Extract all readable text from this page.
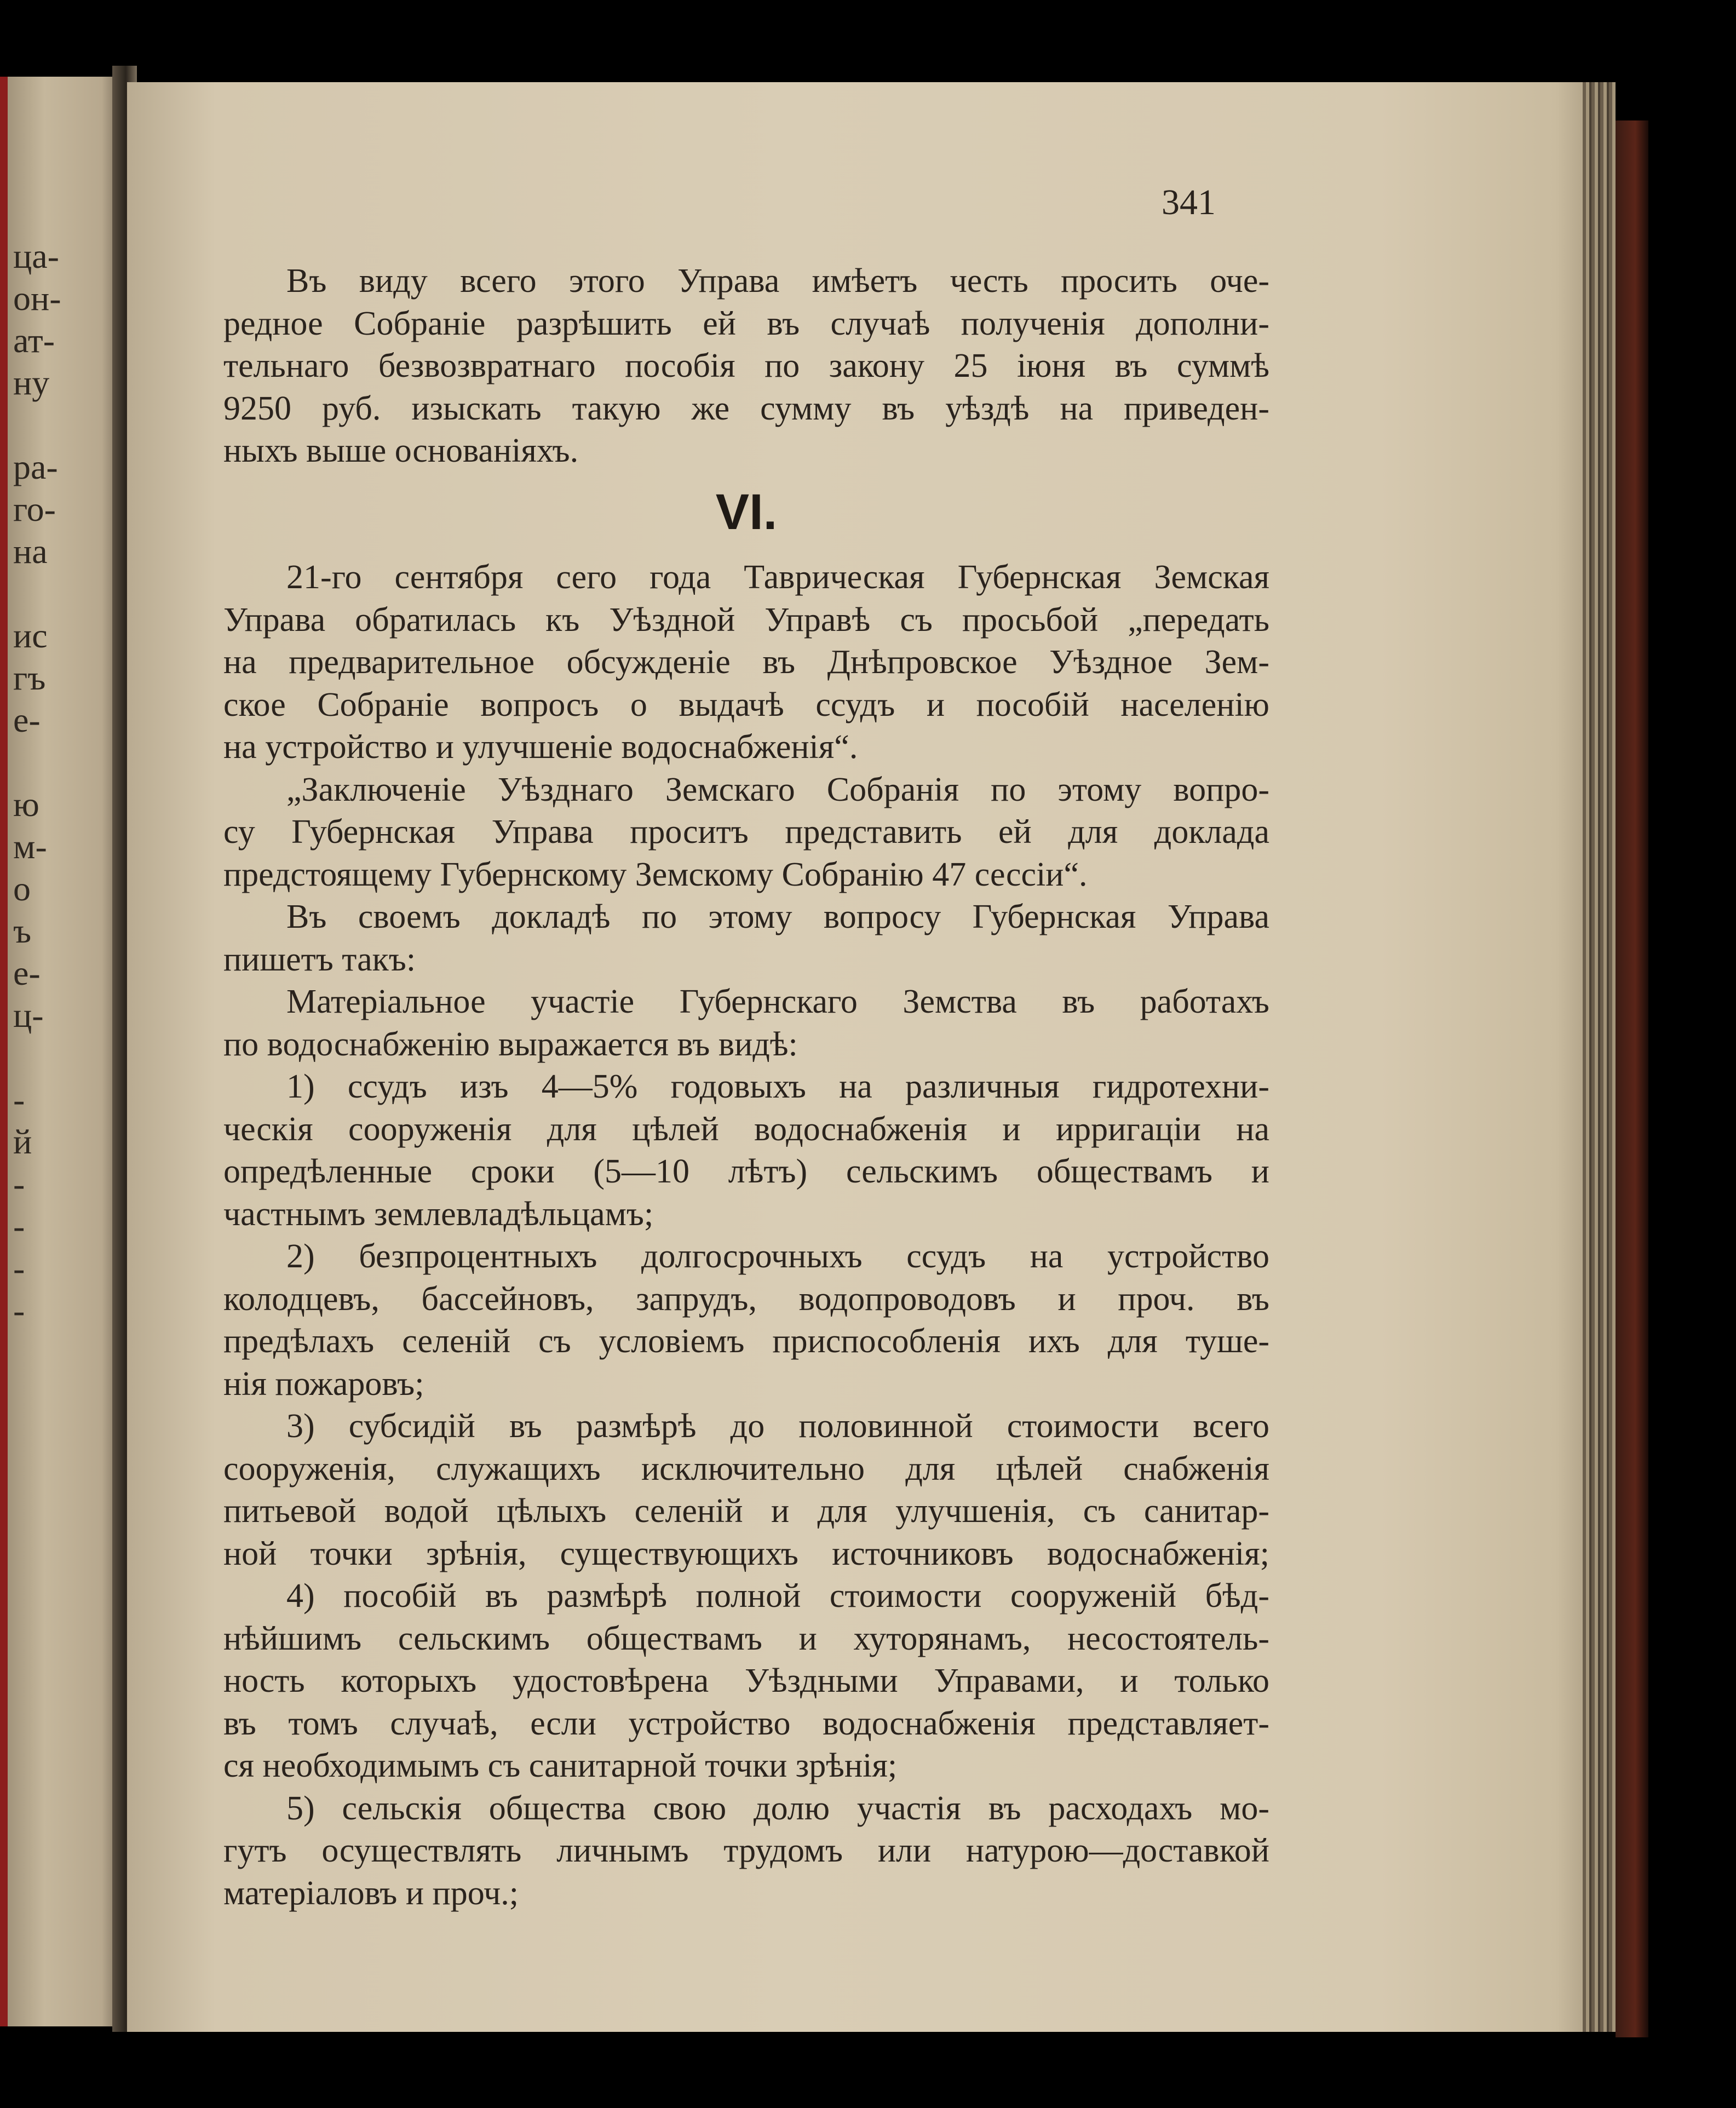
ца-
он-
ат-
ну
ра-
го-
на
ис
гъ
е-
ю
м-
о
ъ
е-
ц-
-
й
-
-
-
-
341
Въ виду всего этого Управа имѣетъ честь просить оче-
редное Собраніе разрѣшить ей въ случаѣ полученія дополни-
тельнаго безвозвратнаго пособія по закону 25 іюня въ суммѣ
9250 руб. изыскать такую же сумму въ уѣздѣ на приведен-
ныхъ выше основаніяхъ.
VI.
21-го сентября сего года Таврическая Губернская Земская
Управа обратилась къ Уѣздной Управѣ съ просьбой „передать
на предварительное обсужденіе въ Днѣпровское Уѣздное Зем-
ское Собраніе вопросъ о выдачѣ ссудъ и пособій населенію
на устройство и улучшеніе водоснабженія“.
„Заключеніе Уѣзднаго Земскаго Собранія по этому вопро-
су Губернская Управа проситъ представить ей для доклада
предстоящему Губернскому Земскому Собранію 47 сессіи“.
Въ своемъ докладѣ по этому вопросу Губернская Управа
пишетъ такъ:
Матеріальное участіе Губернскаго Земства въ работахъ
по водоснабженію выражается въ видѣ:
1) ссудъ изъ 4—5% годовыхъ на различныя гидротехни-
ческія сооруженія для цѣлей водоснабженія и ирригаціи на
опредѣленные сроки (5—10 лѣтъ) сельскимъ обществамъ и
частнымъ землевладѣльцамъ;
2) безпроцентныхъ долгосрочныхъ ссудъ на устройство
колодцевъ, бассейновъ, запрудъ, водопроводовъ и проч. въ
предѣлахъ селеній съ условіемъ приспособленія ихъ для туше-
нія пожаровъ;
3) субсидій въ размѣрѣ до половинной стоимости всего
сооруженія, служащихъ исключительно для цѣлей снабженія
питьевой водой цѣлыхъ селеній и для улучшенія, съ санитар-
ной точки зрѣнія, существующихъ источниковъ водоснабженія;
4) пособій въ размѣрѣ полной стоимости сооруженій бѣд-
нѣйшимъ сельскимъ обществамъ и хуторянамъ, несостоятель-
ность которыхъ удостовѣрена Уѣздными Управами, и только
въ томъ случаѣ, если устройство водоснабженія представляет-
ся необходимымъ съ санитарной точки зрѣнія;
5) сельскія общества свою долю участія въ расходахъ мо-
гутъ осуществлять личнымъ трудомъ или натурою—доставкой
матеріаловъ и проч.;
